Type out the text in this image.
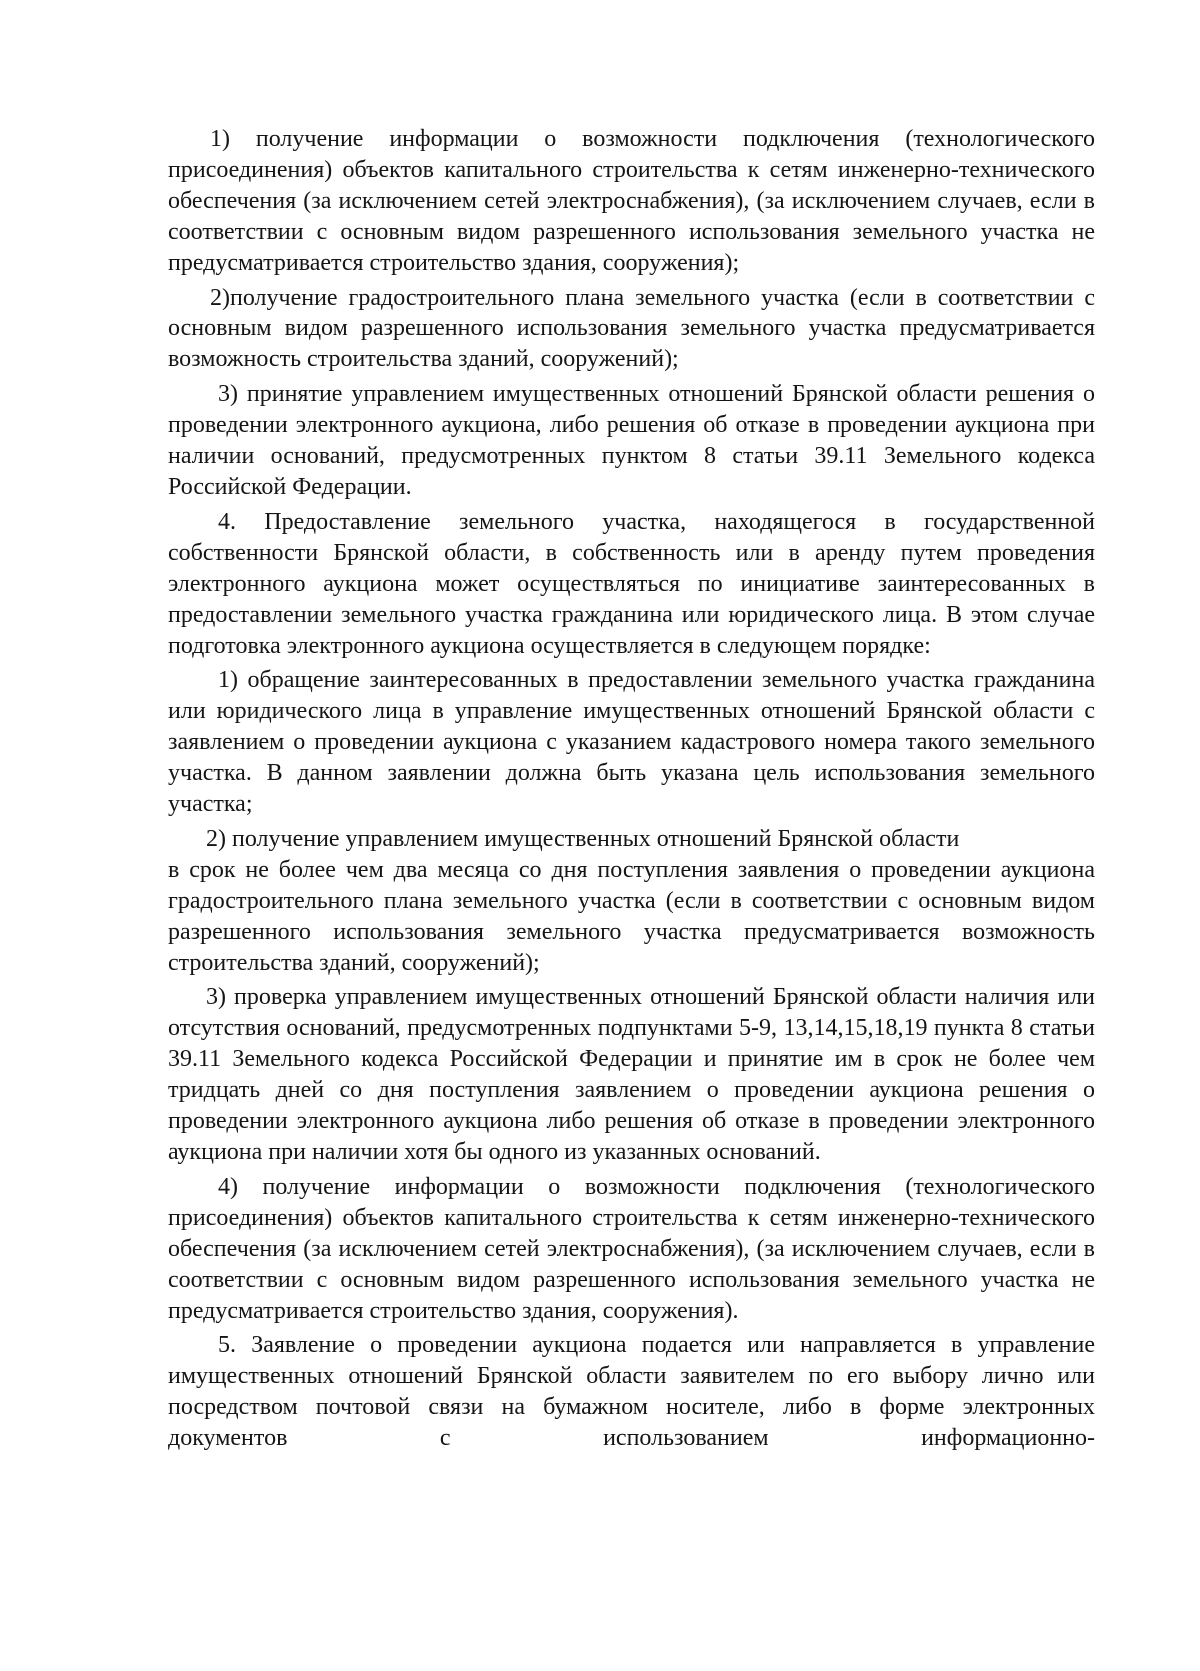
1) получение информации о возможности подключения (технологического присоединения) объектов капитального строительства к сетям инженерно-технического обеспечения (за исключением сетей электроснабжения), (за исключением случаев, если в соответствии с основным видом разрешенного использования земельного участка не предусматривается строительство здания, сооружения);

2)получение градостроительного плана земельного участка (если в соответствии с основным видом разрешенного использования земельного участка предусматривается возможность строительства зданий, сооружений);

3) принятие управлением имущественных отношений Брянской области решения о проведении электронного аукциона, либо решения об отказе в проведении аукциона при наличии оснований, предусмотренных пунктом 8 статьи 39.11 Земельного кодекса Российской Федерации.

4. Предоставление земельного участка, находящегося в государственной собственности Брянской области, в собственность или в аренду путем проведения электронного аукциона может осуществляться по инициативе заинтересованных в предоставлении земельного участка гражданина или юридического лица. В этом случае подготовка электронного аукциона осуществляется в следующем порядке:

1) обращение заинтересованных в предоставлении земельного участка гражданина или юридического лица в управление имущественных отношений Брянской области с заявлением о проведении аукциона с указанием кадастрового номера такого земельного участка. В данном заявлении должна быть указана цель использования земельного участка;

2) получение управлением имущественных отношений Брянской области

в срок не более чем два месяца со дня поступления заявления о проведении аукциона градостроительного плана земельного участка (если в соответствии с основным видом разрешенного использования земельного участка предусматривается возможность строительства зданий, сооружений);

3) проверка управлением имущественных отношений Брянской области наличия или отсутствия оснований, предусмотренных подпунктами 5-9, 13,14,15,18,19 пункта 8 статьи 39.11 Земельного кодекса Российской Федерации и принятие им в срок не более чем тридцать дней со дня поступления заявлением о проведении аукциона решения о проведении электронного аукциона либо решения об отказе в проведении электронного аукциона при наличии хотя бы одного из указанных оснований.

4) получение информации о возможности подключения (технологического присоединения) объектов капитального строительства к сетям инженерно-технического обеспечения (за исключением сетей электроснабжения), (за исключением случаев, если в соответствии с основным видом разрешенного использования земельного участка не предусматривается строительство здания, сооружения).

5. Заявление о проведении аукциона подается или направляется в управление имущественных отношений Брянской области заявителем по его выбору лично или посредством почтовой связи на бумажном носителе, либо в форме электронных документов с использованием информационно-
